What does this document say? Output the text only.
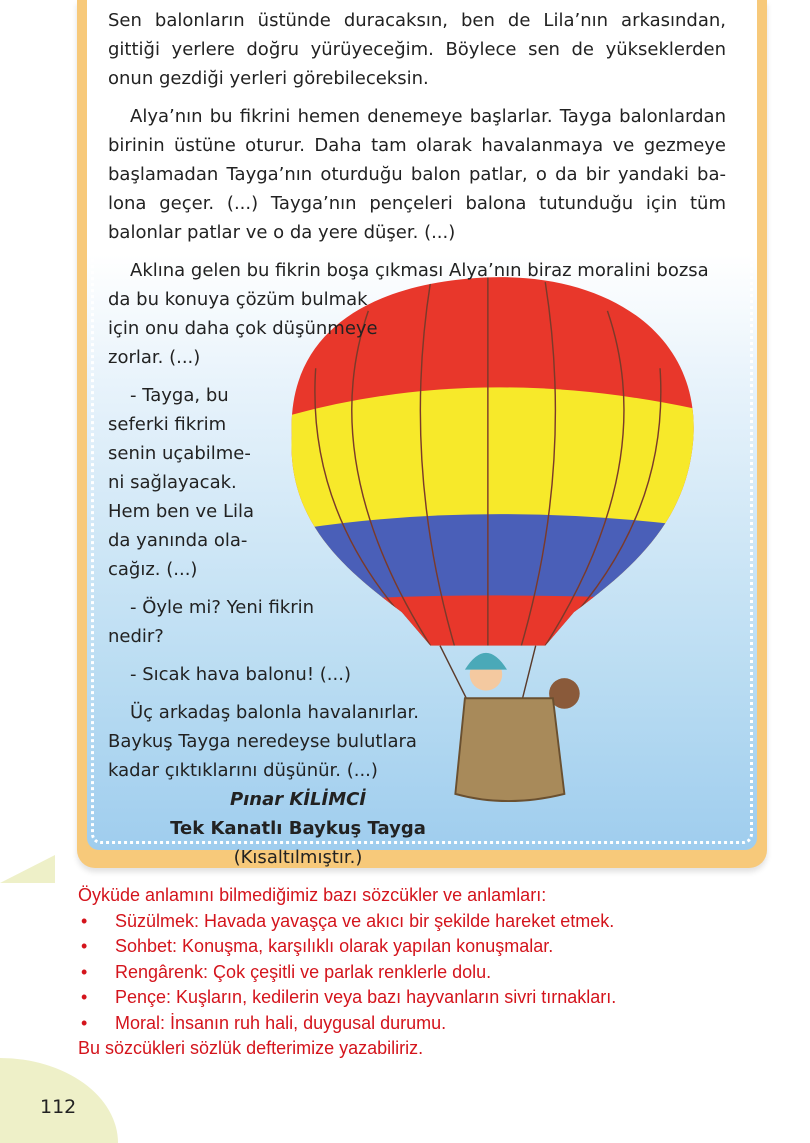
Sen balonların üstünde duracaksın, ben de Lila’nın arkasından, gittiği yerlere doğru yürüyeceğim. Böylece sen de yükseklerden onun gezdiği yerleri görebileceksin.

Alya’nın bu fikrini hemen denemeye başlarlar. Tayga balonlardan birinin üstüne oturur. Daha tam olarak havalanmaya ve gezmeye başlamadan Tayga’nın oturduğu balon patlar, o da bir yandaki balona geçer. (...) Tayga’nın pençeleri balona tutunduğu için tüm balonlar patlar ve o da yere düşer. (...)

Aklına gelen bu fikrin boşa çıkması Alya’nın biraz moralini bozsa

da bu konuya çözüm bulmak için onu daha çok düşünmeye zorlar. (...)

- Tayga, bu seferki fikrim senin uçabilmeni sağlayacak. Hem ben ve Lila da yanında olacağız. (...)

- Öyle mi? Yeni fikrin nedir?

- Sıcak hava balonu! (...)

Üç arkadaş balonla havalanırlar. Baykuş Tayga neredeyse bulutlara kadar çıktıklarını düşünür. (...)

Pınar KİLİMCİ

Tek Kanatlı Baykuş Tayga

(Kısaltılmıştır.)

Öyküde anlamını bilmediğimiz bazı sözcükler ve anlamları:
• Süzülmek: Havada yavaşça ve akıcı bir şekilde hareket etmek.
• Sohbet: Konuşma, karşılıklı olarak yapılan konuşmalar.
• Rengârenk: Çok çeşitli ve parlak renklerle dolu.
• Pençe: Kuşların, kedilerin veya bazı hayvanların sivri tırnakları.
• Moral: İnsanın ruh hali, duygusal durumu.
Bu sözcükleri sözlük defterimize yazabiliriz.
112
